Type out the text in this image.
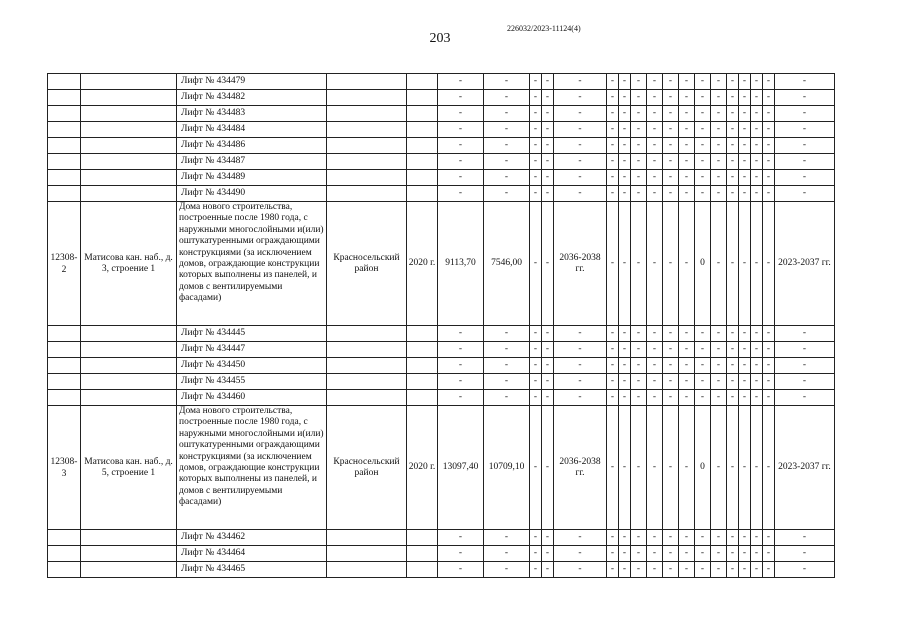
203
226032/2023-11124(4)
		Лифт № 434479			-	-	-	-	-	-	-	-	-	-	-	-	-	-	-	-	-	-
		Лифт № 434482			-	-	-	-	-	-	-	-	-	-	-	-	-	-	-	-	-	-
		Лифт № 434483			-	-	-	-	-	-	-	-	-	-	-	-	-	-	-	-	-	-
		Лифт № 434484			-	-	-	-	-	-	-	-	-	-	-	-	-	-	-	-	-	-
		Лифт № 434486			-	-	-	-	-	-	-	-	-	-	-	-	-	-	-	-	-	-
		Лифт № 434487			-	-	-	-	-	-	-	-	-	-	-	-	-	-	-	-	-	-
		Лифт № 434489			-	-	-	-	-	-	-	-	-	-	-	-	-	-	-	-	-	-
		Лифт № 434490			-	-	-	-	-	-	-	-	-	-	-	-	-	-	-	-	-	-
12308-2	Матисова кан. наб., д. 3, строение 1	Дома нового строительства, построенные после 1980 года, с наружными многослойными и(или) оштукатуренными ограждающими конструкциями (за исключением домов, ограждающие конструкции которых выполнены из панелей, и домов с вентилируемыми фасадами)	Красносельский район	2020 г.	9113,70	7546,00	-	-	2036-2038 гг.	-	-	-	-	-	-	0	-	-	-	-	-	2023-2037 гг.
		Лифт № 434445			-	-	-	-	-	-	-	-	-	-	-	-	-	-	-	-	-	-
		Лифт № 434447			-	-	-	-	-	-	-	-	-	-	-	-	-	-	-	-	-	-
		Лифт № 434450			-	-	-	-	-	-	-	-	-	-	-	-	-	-	-	-	-	-
		Лифт № 434455			-	-	-	-	-	-	-	-	-	-	-	-	-	-	-	-	-	-
		Лифт № 434460			-	-	-	-	-	-	-	-	-	-	-	-	-	-	-	-	-	-
12308-3	Матисова кан. наб., д. 5, строение 1	Дома нового строительства, построенные после 1980 года, с наружными многослойными и(или) оштукатуренными ограждающими конструкциями (за исключением домов, ограждающие конструкции которых выполнены из панелей, и домов с вентилируемыми фасадами)	Красносельский район	2020 г.	13097,40	10709,10	-	-	2036-2038 гг.	-	-	-	-	-	-	0	-	-	-	-	-	2023-2037 гг.
		Лифт № 434462			-	-	-	-	-	-	-	-	-	-	-	-	-	-	-	-	-	-
		Лифт № 434464			-	-	-	-	-	-	-	-	-	-	-	-	-	-	-	-	-	-
		Лифт № 434465			-	-	-	-	-	-	-	-	-	-	-	-	-	-	-	-	-	-
